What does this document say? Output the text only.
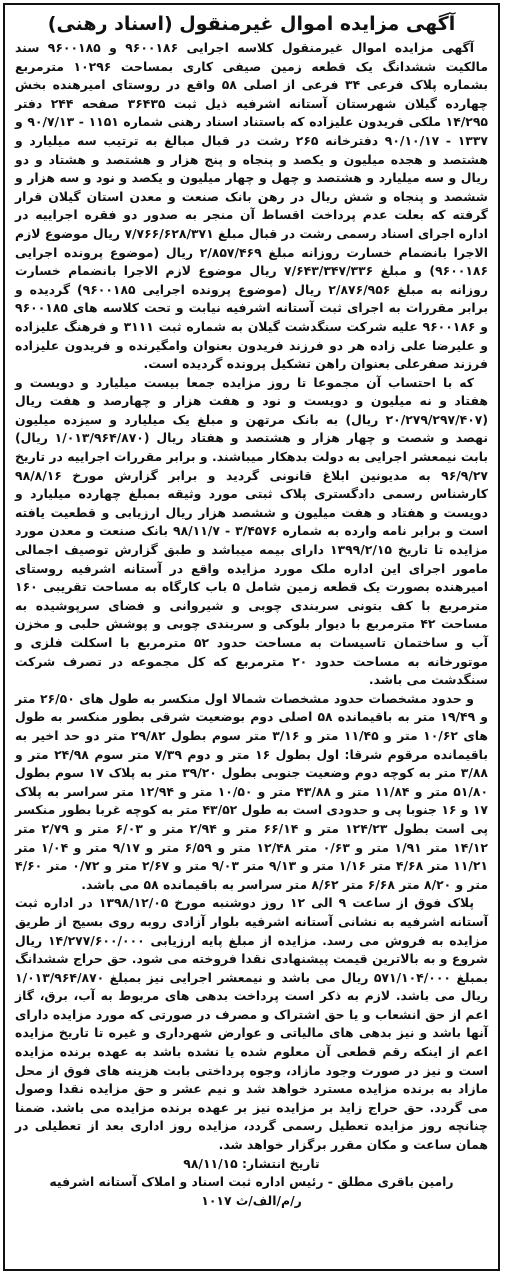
آگهی مزایده اموال غیرمنقول (اسناد رهنی)

آگهی مزایده اموال غیرمنقول کلاسه اجرایی ۹۶۰۰۱۸۶ و ۹۶۰۰۱۸۵ سند مالکیت ششدانگ یک قطعه زمین صیفی کاری بمساحت ۱۰۲۹۶ مترمربع بشماره پلاک فرعی ۳۴ فرعی از اصلی ۵۸ واقع در روستای امیرهنده بخش چهارده گیلان شهرستان آستانه اشرفیه ذیل ثبت ۳۶۴۳۵ صفحه ۲۴۴ دفتر ۱۴/۲۹۵ ملکی فریدون علیزاده که باستناد اسناد رهنی شماره ۱۱۵۱ - ۹۰/۷/۱۳ و ۱۳۳۷ - ۹۰/۱۰/۱۷ دفترخانه ۲۶۵ رشت در قبال مبالغ به ترتیب سه میلیارد و هشتصد و هجده میلیون و یکصد و پنجاه و پنج هزار و هشتصد و هشتاد و دو ریال و سه میلیارد و هشتصد و چهل و چهار میلیون و یکصد و نود و سه هزار و ششصد و پنجاه و شش ریال در رهن بانک صنعت و معدن استان گیلان قرار گرفته که بعلت عدم پرداخت اقساط آن منجر به صدور دو فقره اجراییه در اداره اجرای اسناد رسمی رشت در قبال مبلغ ۷/۷۶۶/۶۲۸/۳۷۱ ریال موضوع لازم الاجرا بانضمام خسارت روزانه مبلغ ۲/۸۵۷/۴۶۹ ریال (موضوع پرونده اجرایی ۹۶۰۰۱۸۶) و مبلغ ۷/۶۴۳/۳۴۷/۳۳۶ ریال موضوع لازم الاجرا بانضمام خسارت روزانه به مبلغ ۲/۸۷۶/۹۵۶ ریال (موضوع پرونده اجرایی ۹۶۰۰۱۸۵) گردیده و برابر مقررات به اجرای ثبت آستانه اشرفیه نیابت و تحت کلاسه های ۹۶۰۰۱۸۵ و ۹۶۰۰۱۸۶ علیه شرکت سنگدشت گیلان به شماره ثبت ۳۱۱۱ و فرهنگ علیزاده و علیرضا علی زاده هر دو فرزند فریدون بعنوان وامگیرنده و فریدون علیزاده فرزند صفرعلی بعنوان راهن تشکیل پرونده گردیده است.

که با احتساب آن مجموعا تا روز مزایده جمعا بیست میلیارد و دویست و هفتاد و نه میلیون و دویست و نود و هفت هزار و چهارصد و هفت ریال (۲۰/۲۷۹/۲۹۷/۴۰۷ ریال) به بانک مرتهن و مبلغ یک میلیارد و سیزده میلیون نهصد و شصت و چهار هزار و هشتصد و هفتاد ریال (۱/۰۱۳/۹۶۴/۸۷۰ ریال) بابت نیمعشر اجرایی به دولت بدهکار میباشند. و برابر مقررات اجراییه در تاریخ ۹۶/۹/۲۷ به مدیونین ابلاغ قانونی گردید و برابر گزارش مورخ ۹۸/۸/۱۶ کارشناس رسمی دادگستری پلاک ثبتی مورد وثیقه بمبلغ چهارده میلیارد و دویست و هفتاد و هفت میلیون و ششصد هزار ریال ارزیابی و قطعیت یافته است و برابر نامه وارده به شماره ۳/۴۵۷۶ - ۹۸/۱۱/۷ بانک صنعت و معدن مورد مزایده تا تاریخ ۱۳۹۹/۲/۱۵ دارای بیمه میباشد و طبق گزارش توصیف اجمالی مامور اجرای این اداره ملک مورد مزایده واقع در آستانه اشرفیه روستای امیرهنده بصورت یک قطعه زمین شامل ۵ باب کارگاه به مساحت تقریبی ۱۶۰ مترمربع با کف بتونی سربندی چوبی و شیروانی و فضای سرپوشیده به مساحت ۴۲ مترمربع با دیوار بلوکی و سربندی چوبی و پوشش حلبی و مخزن آب و ساختمان تاسیسات به مساحت حدود ۵۲ مترمربع با اسکلت فلزی و موتورخانه به مساحت حدود ۲۰ مترمربع که کل مجموعه در تصرف شرکت سنگدشت می باشد.

و حدود مشخصات حدود مشخصات شمالا اول منکسر به طول های ۲۶/۵۰ متر و ۱۹/۴۹ متر به باقیمانده ۵۸ اصلی دوم بوضعیت شرقی بطور منکسر به طول های ۱۰/۶۲ متر و ۱۱/۴۵ متر و ۳/۱۶ متر سوم بطول ۲۹/۸۲ متر دو حد اخیر به باقیمانده مرقوم شرقا: اول بطول ۱۶ متر و دوم ۷/۳۹ متر سوم ۲۴/۹۸ متر و ۳/۸۸ متر به کوچه دوم وضعیت جنوبی بطول ۳۹/۲۰ متر به پلاک ۱۷ سوم بطول ۵۱/۸۰ متر و ۱۱/۸۴ متر و ۴۳/۸۸ متر و ۱۰/۵۰ متر و ۱۲/۹۴ متر سراسر به پلاک ۱۷ و ۱۶ جنوبا پی و حدودی است به طول ۴۳/۵۲ متر به کوچه غربا بطور منکسر پی است بطول ۱۲۴/۲۳ متر و ۶۶/۱۴ متر و ۲/۹۴ متر و ۶/۰۳ متر و ۲/۷۹ متر ۱۴/۱۲ متر ۱/۹۱ متر و ۰/۶۳ متر ۱۲/۴۸ متر و ۶/۵۹ متر و ۹/۱۷ متر و ۱/۰۴ متر ۱۱/۲۱ متر ۴/۶۸ متر ۱/۱۶ متر و ۹/۱۳ متر ۹/۰۳ متر و ۲/۶۷ متر و ۰/۷۲ متر ۴/۶۰ متر و ۸/۲۰ متر ۶/۶۸ متر ۸/۶۲ متر سراسر به باقیمانده ۵۸ می باشد.

پلاک فوق از ساعت ۹ الی ۱۲ روز دوشنبه مورخ ۱۳۹۸/۱۲/۰۵ در اداره ثبت آستانه اشرفیه به نشانی آستانه اشرفیه بلوار آزادی روبه روی بسیج از طریق مزایده به فروش می رسد. مزایده از مبلغ پایه ارزیابی ۱۴/۲۷۷/۶۰۰/۰۰۰ ریال شروع و به بالاترین قیمت پیشنهادی نقدا فروخته می شود. حق حراج ششدانگ بمبلغ ۵۷۱/۱۰۴/۰۰۰ ریال می باشد و نیمعشر اجرایی نیز بمبلغ ۱/۰۱۳/۹۶۴/۸۷۰ ریال می باشد. لازم به ذکر است پرداخت بدهی های مربوط به آب، برق، گاز اعم از حق انشعاب و یا حق اشتراک و مصرف در صورتی که مورد مزایده دارای آنها باشد و نیز بدهی های مالیاتی و عوارض شهرداری و غیره تا تاریخ مزایده اعم از اینکه رقم قطعی آن معلوم شده یا نشده باشد به عهده برنده مزایده است و نیز در صورت وجود مازاد، وجوه پرداختی بابت هزینه های فوق از محل مازاد به برنده مزایده مسترد خواهد شد و نیم عشر و حق مزایده نقدا وصول می گردد. حق حراج زاید بر مزایده نیز بر عهده برنده مزایده می باشد. ضمنا چنانچه روز مزایده تعطیل رسمی گردد، مزایده روز اداری بعد از تعطیلی در همان ساعت و مکان مقرر برگزار خواهد شد.

تاریخ انتشار: ۹۸/۱۱/۱۵

رامین باقری مطلق - رئیس اداره ثبت اسناد و املاک آستانه اشرفیه

ر/م/الف/ث ۱۰۱۷
